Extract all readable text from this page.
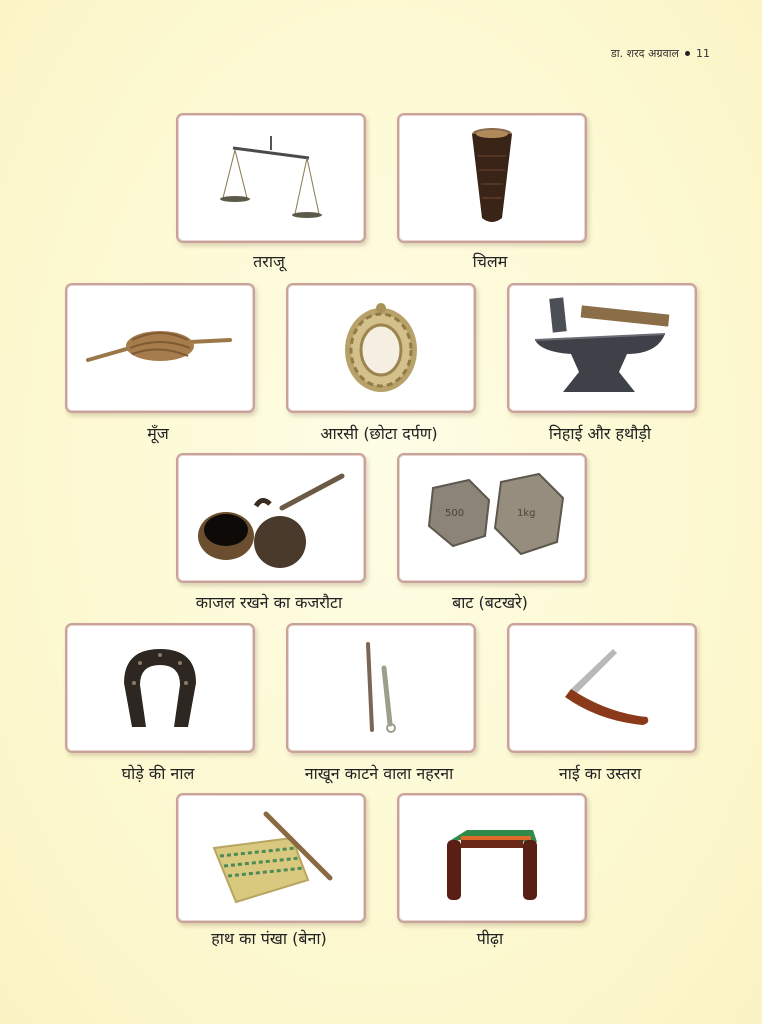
डा. शरद अग्रवाल 11
तराजू	चिलम
मूँज	आरसी (छोटा दर्पण)	निहाई और हथौड़ी
काजल रखने का कजरौटा
500	1kg
बाट (बटखरे)
घोड़े की नाल	नाखून काटने वाला नहरना	नाई का उस्तरा
हाथ का पंखा (बेना)	पीढ़ा
